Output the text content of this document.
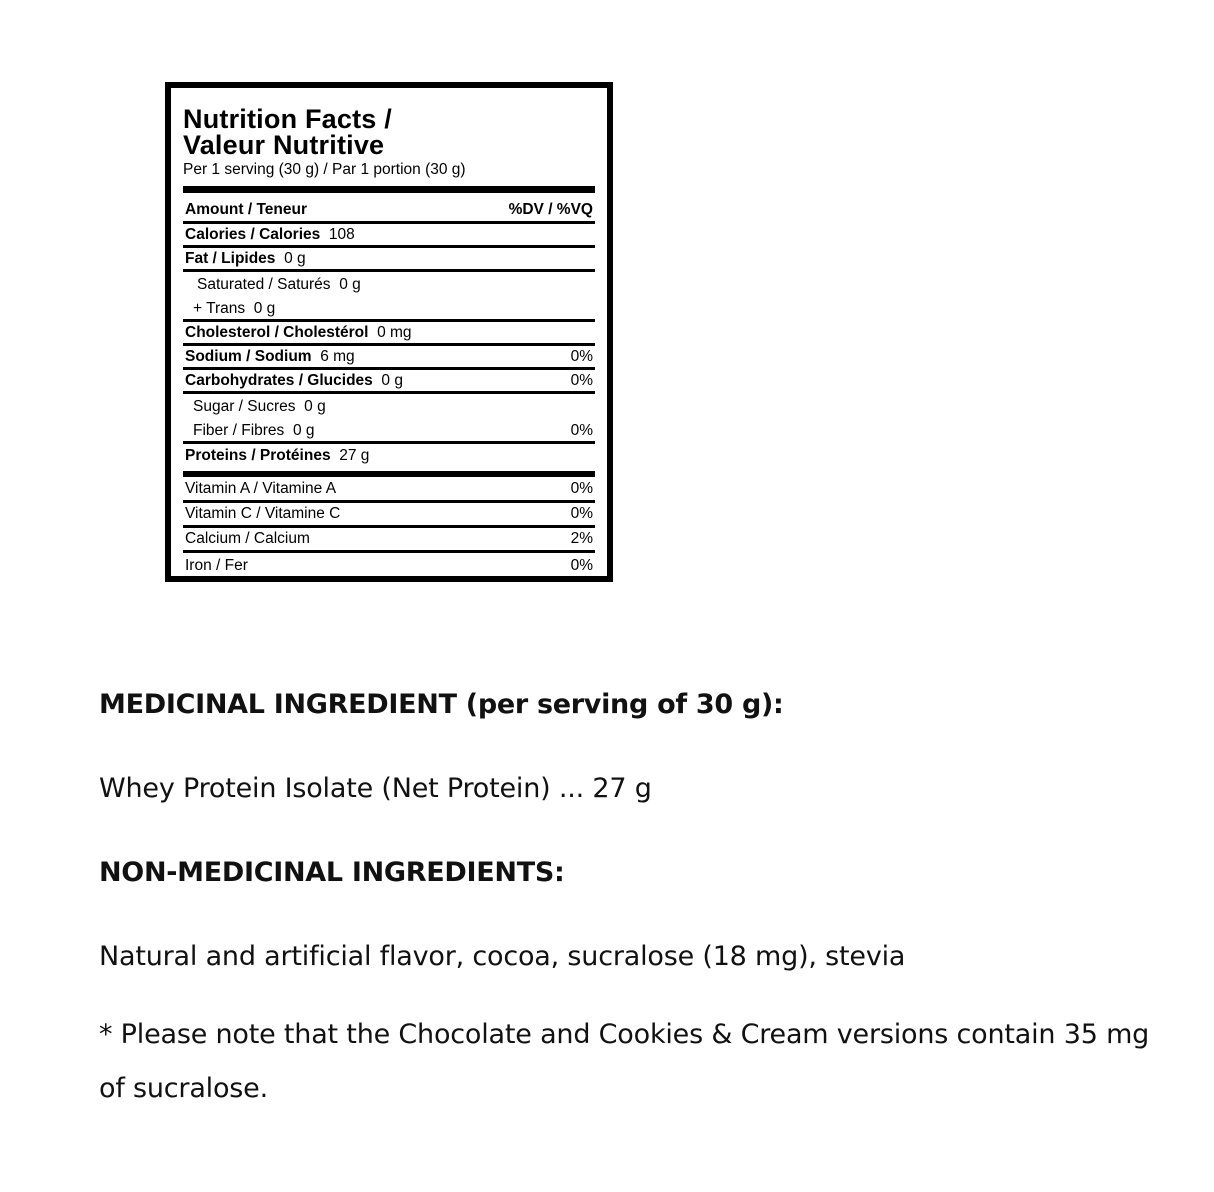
Nutrition Facts /
Valeur Nutritive
Per 1 serving (30 g) / Par 1 portion (30 g)
Amount / Teneur	%DV / %VQ
Calories / Calories 108
Fat / Lipides 0 g
Saturated / Saturés 0 g
+ Trans 0 g
Cholesterol / Cholestérol 0 mg
Sodium / Sodium 6 mg	0%
Carbohydrates / Glucides 0 g	0%
Sugar / Sucres 0 g
Fiber / Fibres 0 g	0%
Proteins / Protéines 27 g
Vitamin A / Vitamine A	0%
Vitamin C / Vitamine C	0%
Calcium / Calcium	2%
Iron / Fer	0%

MEDICINAL INGREDIENT (per serving of 30 g):

Whey Protein Isolate (Net Protein) ... 27 g

NON-MEDICINAL INGREDIENTS:

Natural and artificial flavor, cocoa, sucralose (18 mg), stevia

* Please note that the Chocolate and Cookies & Cream versions contain 35 mg of sucralose.
